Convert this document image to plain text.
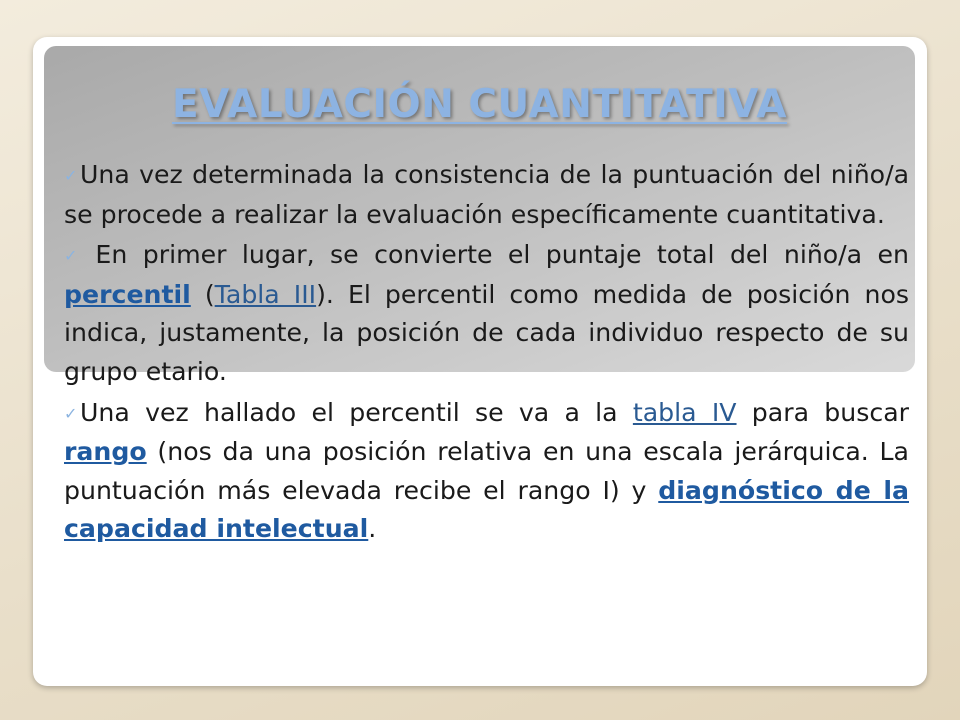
EVALUACIÓN CUANTITATIVA

✓ Una vez determinada la consistencia de la puntuación del niño/a se procede a realizar la evaluación específicamente cuantitativa.

✓ En primer lugar, se convierte el puntaje total del niño/a en percentil (Tabla III). El percentil como medida de posición nos indica, justamente, la posición de cada individuo respecto de su grupo etario.

✓ Una vez hallado el percentil se va a la tabla IV para buscar rango (nos da una posición relativa en una escala jerárquica. La puntuación más elevada recibe el rango I) y diagnóstico de la capacidad intelectual.
